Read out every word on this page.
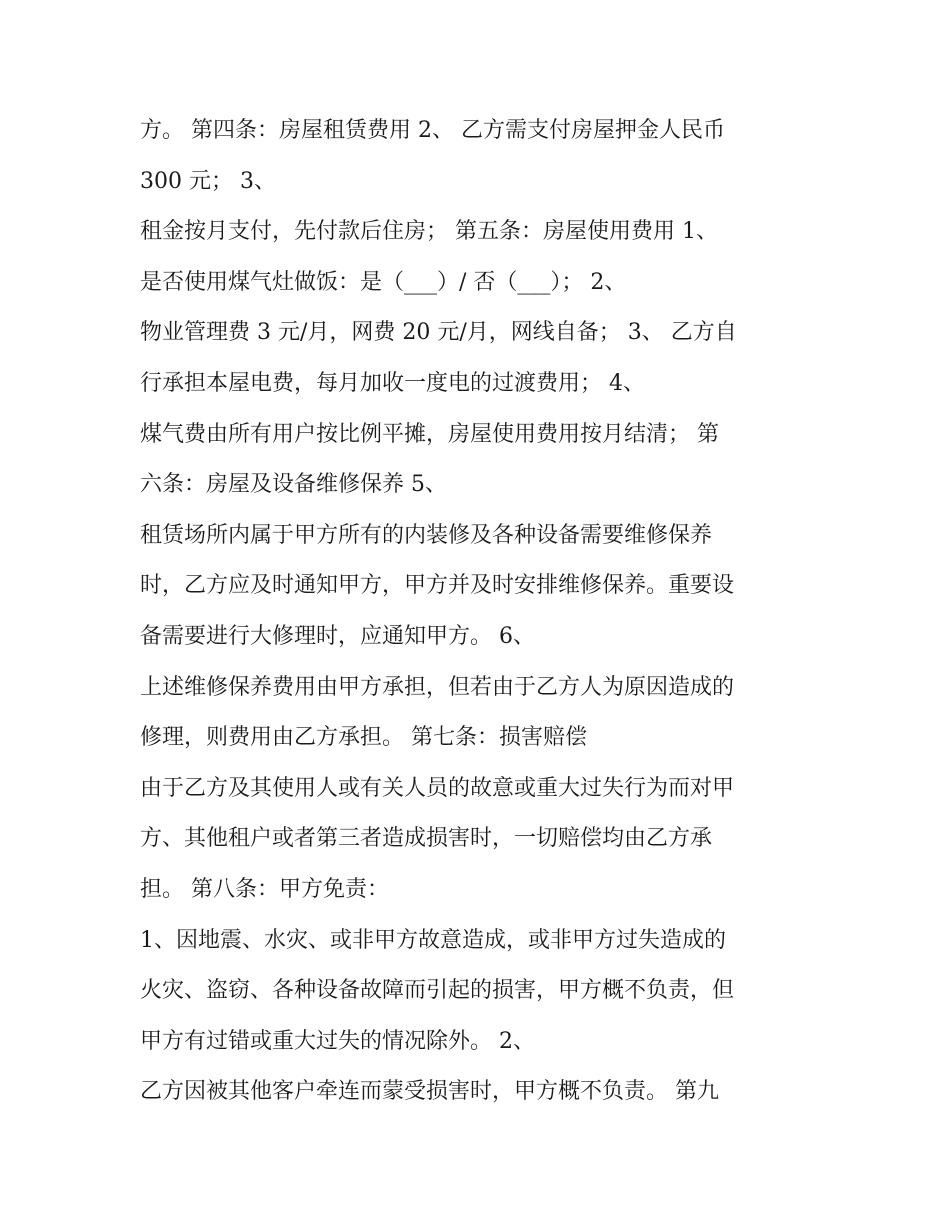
方。 第四条：房屋租赁费用 2、 乙方需支付房屋押金人民币
300 元； 3、
租金按月支付，先付款后住房； 第五条：房屋使用费用 1、
是否使用煤气灶做饭：是（___）/ 否（___）； 2、
物业管理费 3 元/月，网费 20 元/月，网线自备； 3、 乙方自
行承担本屋电费，每月加收一度电的过渡费用； 4、
煤气费由所有用户按比例平摊，房屋使用费用按月结清； 第
六条：房屋及设备维修保养 5、
租赁场所内属于甲方所有的内装修及各种设备需要维修保养
时，乙方应及时通知甲方，甲方并及时安排维修保养。重要设
备需要进行大修理时，应通知甲方。 6、
上述维修保养费用由甲方承担，但若由于乙方人为原因造成的
修理，则费用由乙方承担。 第七条：损害赔偿
由于乙方及其使用人或有关人员的故意或重大过失行为而对甲
方、其他租户或者第三者造成损害时，一切赔偿均由乙方承
担。 第八条：甲方免责：
1、因地震、水灾、或非甲方故意造成，或非甲方过失造成的
火灾、盗窃、各种设备故障而引起的损害，甲方概不负责，但
甲方有过错或重大过失的情况除外。 2、
乙方因被其他客户牵连而蒙受损害时，甲方概不负责。 第九
